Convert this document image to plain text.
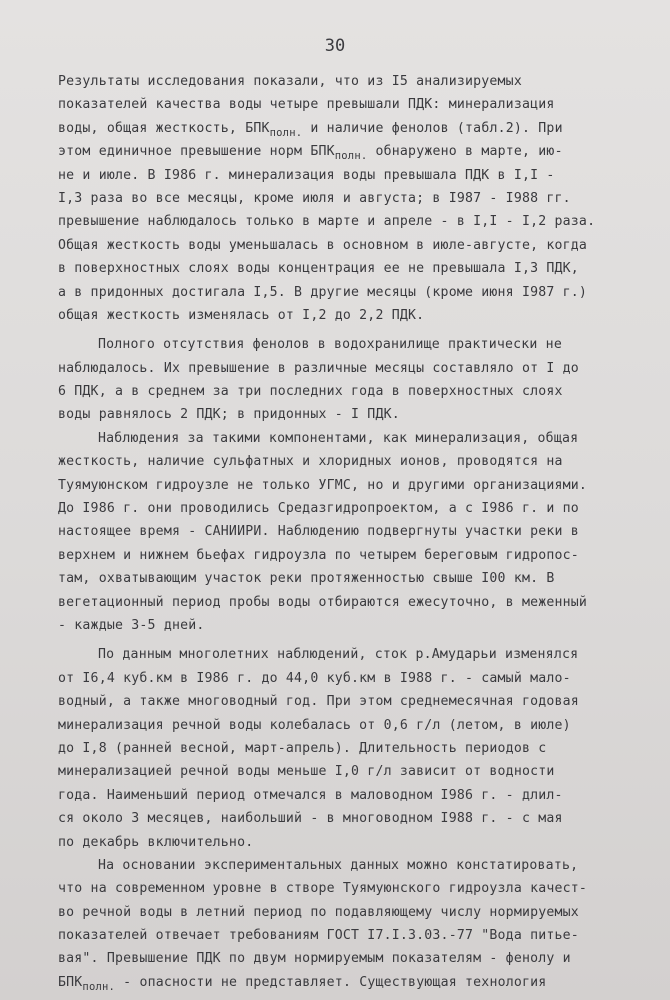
30
Результаты исследования показали, что из I5 анализируемых
показателей качества воды четыре превышали ПДК: минерализация
воды, общая жесткость, $БПК_{полн.}$ и наличие фенолов (табл.2). При
этом единичное превышение норм $БПК_{полн.}$ обнаружено в марте, ию-
не и июле. В I986 г. минерализация воды превышала ПДК в I,I -
I,3 раза во все месяцы, кроме июля и августа; в I987 - I988 гг.
превышение наблюдалось только в марте и апреле - в I,I - I,2 раза.
Общая жесткость воды уменьшалась в основном в июле-августе, когда
в поверхностных слоях воды концентрация ее не превышала I,3 ПДК,
а в придонных достигала I,5. В другие месяцы (кроме июня I987 г.)
общая жесткость изменялась от I,2 до 2,2 ПДК.
Полного отсутствия фенолов в водохранилище практически не
наблюдалось. Их превышение в различные месяцы составляло от I до
6 ПДК, а в среднем за три последних года в поверхностных слоях
воды равнялось 2 ПДК; в придонных - I ПДК.
Наблюдения за такими компонентами, как минерализация, общая
жесткость, наличие сульфатных и хлоридных ионов, проводятся на
Туямуюнском гидроузле не только УГМС, но и другими организациями.
До I986 г. они проводились Средазгидропроектом, а с I986 г. и по
настоящее время - САНИИРИ. Наблюдению подвергнуты участки реки в
верхнем и нижнем бьефах гидроузла по четырем береговым гидропос-
там, охватывающим участок реки протяженностью свыше I00 км. В
вегетационный период пробы воды отбираются ежесуточно, в меженный
- каждые 3-5 дней.
По данным многолетних наблюдений, сток р.Амударьи изменялся
от I6,4 куб.км в I986 г. до 44,0 куб.км в I988 г. - самый мало-
водный, а также многоводный год. При этом среднемесячная годовая
минерализация речной воды колебалась от 0,6 г/л (летом, в июле)
до I,8 (ранней весной, март-апрель). Длительность периодов с
минерализацией речной воды меньше I,0 г/л зависит от водности
года. Наименьший период отмечался в маловодном I986 г. - длил-
ся около 3 месяцев, наибольший - в многоводном I988 г. - с мая
по декабрь включительно.
На основании экспериментальных данных можно констатировать,
что на современном уровне в створе Туямуюнского гидроузла качест-
во речной воды в летний период по подавляющему числу нормируемых
показателей отвечает требованиям ГОСТ I7.I.3.03.-77 "Вода питье-
вая". Превышение ПДК по двум нормируемым показателям - фенолу и
$БПК_{полн.}$ - опасности не представляет. Существующая технология
